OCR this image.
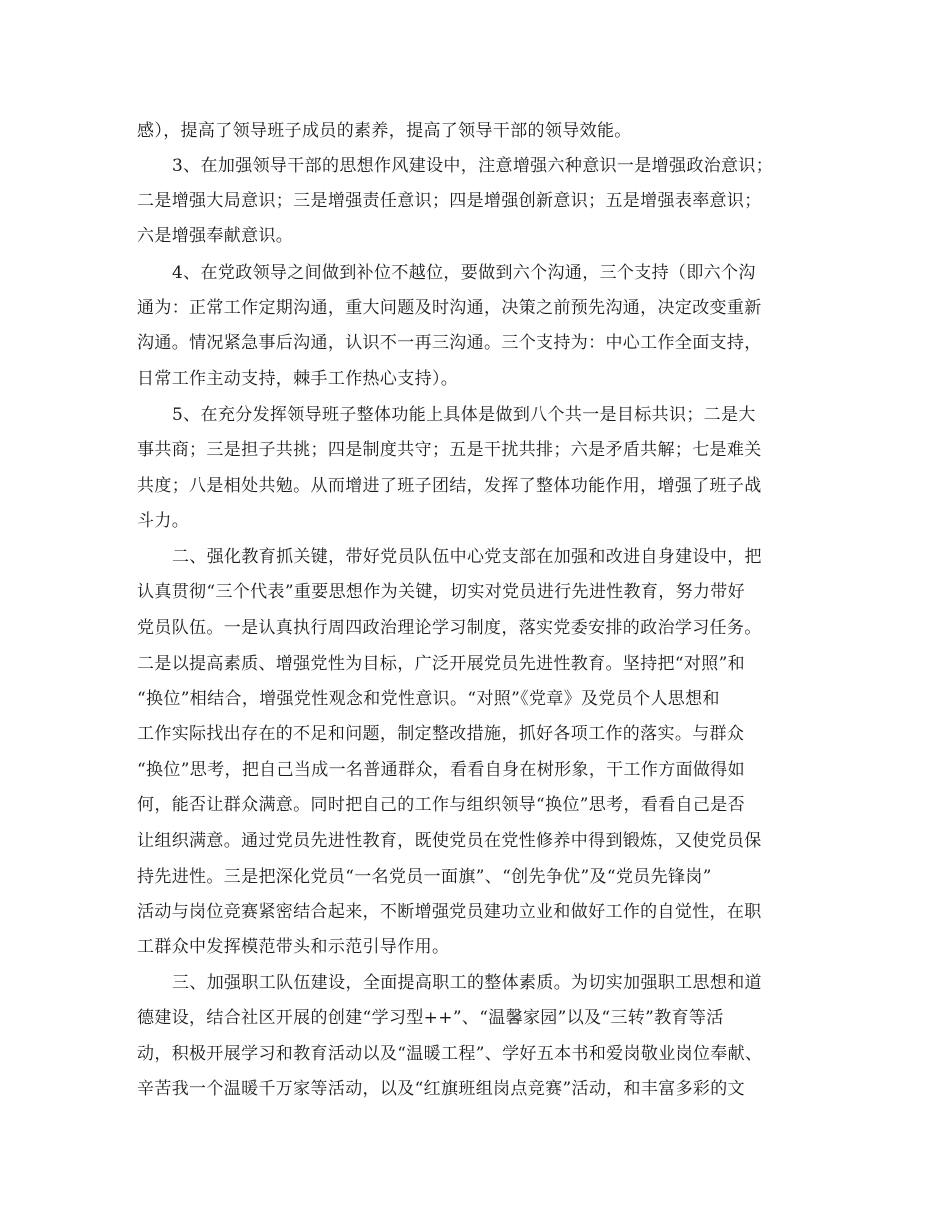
感），提高了领导班子成员的素养，提高了领导干部的领导效能。
3、在加强领导干部的思想作风建设中，注意增强六种意识一是增强政治意识；
二是增强大局意识；三是增强责任意识；四是增强创新意识；五是增强表率意识；
六是增强奉献意识。
4、在党政领导之间做到补位不越位，要做到六个沟通，三个支持（即六个沟
通为：正常工作定期沟通，重大问题及时沟通，决策之前预先沟通，决定改变重新
沟通。情况紧急事后沟通，认识不一再三沟通。三个支持为：中心工作全面支持，
日常工作主动支持，棘手工作热心支持）。
5、在充分发挥领导班子整体功能上具体是做到八个共一是目标共识；二是大
事共商；三是担子共挑；四是制度共守；五是干扰共排；六是矛盾共解；七是难关
共度；八是相处共勉。从而增进了班子团结，发挥了整体功能作用，增强了班子战
斗力。
二、强化教育抓关键，带好党员队伍中心党支部在加强和改进自身建设中，把
认真贯彻“三个代表”重要思想作为关键，切实对党员进行先进性教育，努力带好
党员队伍。一是认真执行周四政治理论学习制度，落实党委安排的政治学习任务。
二是以提高素质、增强党性为目标，广泛开展党员先进性教育。坚持把“对照”和
“换位”相结合，增强党性观念和党性意识。“对照”《党章》及党员个人思想和
工作实际找出存在的不足和问题，制定整改措施，抓好各项工作的落实。与群众
“换位”思考，把自己当成一名普通群众，看看自身在树形象，干工作方面做得如
何，能否让群众满意。同时把自己的工作与组织领导“换位”思考，看看自己是否
让组织满意。通过党员先进性教育，既使党员在党性修养中得到锻炼，又使党员保
持先进性。三是把深化党员“一名党员一面旗”、“创先争优”及“党员先锋岗”
活动与岗位竞赛紧密结合起来，不断增强党员建功立业和做好工作的自觉性，在职
工群众中发挥模范带头和示范引导作用。
三、加强职工队伍建设，全面提高职工的整体素质。为切实加强职工思想和道
德建设，结合社区开展的创建“学习型++”、“温馨家园”以及“三转”教育等活
动，积极开展学习和教育活动以及“温暖工程”、学好五本书和爱岗敬业岗位奉献、
辛苦我一个温暖千万家等活动，以及“红旗班组岗点竞赛”活动，和丰富多彩的文
